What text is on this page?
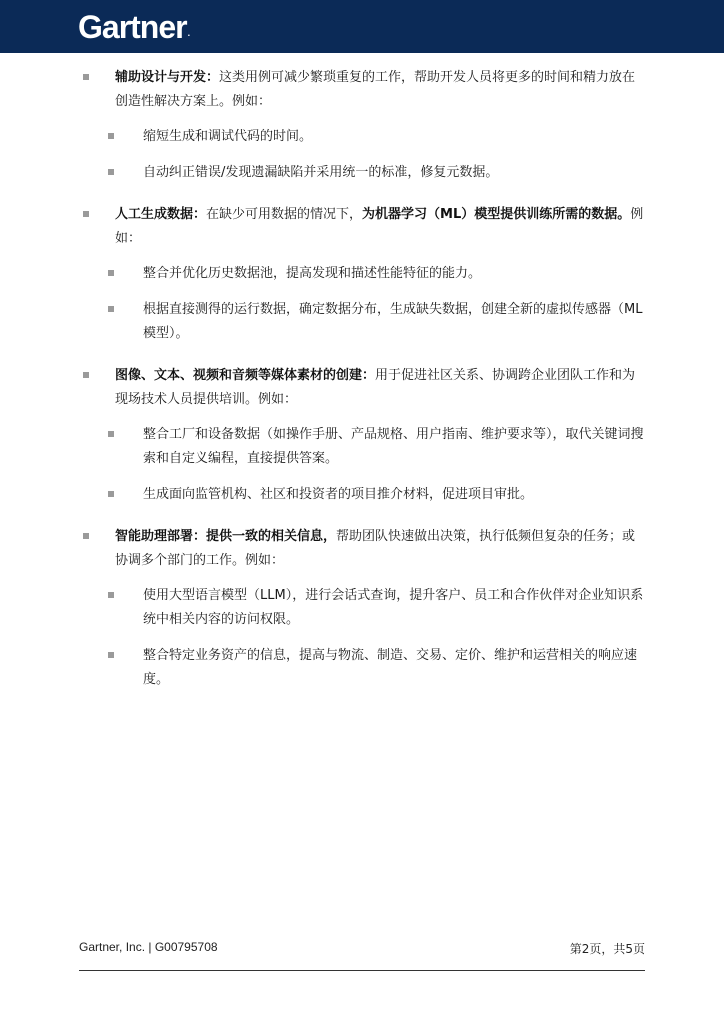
Gartner.
辅助设计与开发：这类用例可减少繁琐重复的工作，帮助开发人员将更多的时间和精力放在创造性解决方案上。例如：
缩短生成和调试代码的时间。
自动纠正错误/发现遗漏缺陷并采用统一的标准，修复元数据。
人工生成数据：在缺少可用数据的情况下，为机器学习（ML）模型提供训练所需的数据。例如：
整合并优化历史数据池，提高发现和描述性能特征的能力。
根据直接测得的运行数据，确定数据分布，生成缺失数据，创建全新的虚拟传感器（ML模型）。
图像、文本、视频和音频等媒体素材的创建：用于促进社区关系、协调跨企业团队工作和为现场技术人员提供培训。例如：
整合工厂和设备数据（如操作手册、产品规格、用户指南、维护要求等），取代关键词搜索和自定义编程，直接提供答案。
生成面向监管机构、社区和投资者的项目推介材料，促进项目审批。
智能助理部署：提供一致的相关信息，帮助团队快速做出决策，执行低频但复杂的任务；或协调多个部门的工作。例如：
使用大型语言模型（LLM），进行会话式查询，提升客户、员工和合作伙伴对企业知识系统中相关内容的访问权限。
整合特定业务资产的信息，提高与物流、制造、交易、定价、维护和运营相关的响应速度。
Gartner, Inc. | G00795708	第2页，共5页
